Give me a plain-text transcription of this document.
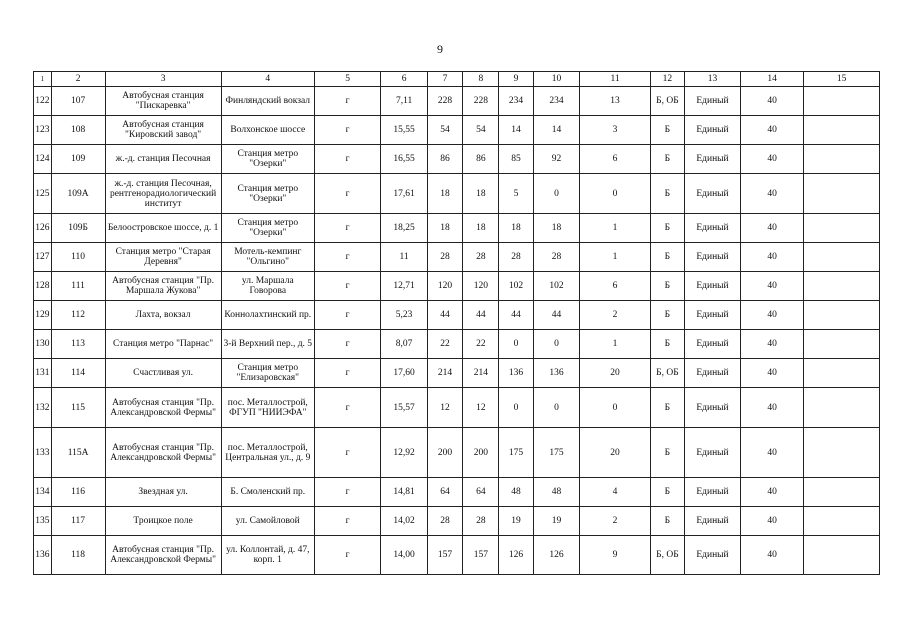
9
1	2	3	4	5	6	7	8	9	10	11	12	13	14	15
122	107	Автобусная станция "Пискаревка"	Финляндский вокзал	г	7,11	228	228	234	234	13	Б, ОБ	Единый	40	
123	108	Автобусная станция "Кировский завод"	Волхонское шоссе	г	15,55	54	54	14	14	3	Б	Единый	40	
124	109	ж.-д. станция Песочная	Станция метро "Озерки"	г	16,55	86	86	85	92	6	Б	Единый	40	
125	109А	ж.-д. станция Песочная, рентгенорадиологический институт	Станция метро "Озерки"	г	17,61	18	18	5	0	0	Б	Единый	40	
126	109Б	Белоостровское шоссе, д. 1	Станция метро "Озерки"	г	18,25	18	18	18	18	1	Б	Единый	40	
127	110	Станция метро "Старая Деревня"	Мотель-кемпинг "Ольгино"	г	11	28	28	28	28	1	Б	Единый	40	
128	111	Автобусная станция "Пр. Маршала Жукова"	ул. Маршала Говорова	г	12,71	120	120	102	102	6	Б	Единый	40	
129	112	Лахта, вокзал	Коннолахтинский пр.	г	5,23	44	44	44	44	2	Б	Единый	40	
130	113	Станция метро "Парнас"	3-й Верхний пер., д. 5	г	8,07	22	22	0	0	1	Б	Единый	40	
131	114	Счастливая ул.	Станция метро "Елизаровская"	г	17,60	214	214	136	136	20	Б, ОБ	Единый	40	
132	115	Автобусная станция "Пр. Александровской Фермы"	пос. Металлострой, ФГУП "НИИЭФА"	г	15,57	12	12	0	0	0	Б	Единый	40	
133	115А	Автобусная станция "Пр. Александровской Фермы"	пос. Металлострой, Центральная ул., д. 9	г	12,92	200	200	175	175	20	Б	Единый	40	
134	116	Звездная ул.	Б. Смоленский пр.	г	14,81	64	64	48	48	4	Б	Единый	40	
135	117	Троицкое поле	ул. Самойловой	г	14,02	28	28	19	19	2	Б	Единый	40	
136	118	Автобусная станция "Пр. Александровской Фермы"	ул. Коллонтай, д. 47, корп. 1	г	14,00	157	157	126	126	9	Б, ОБ	Единый	40	
